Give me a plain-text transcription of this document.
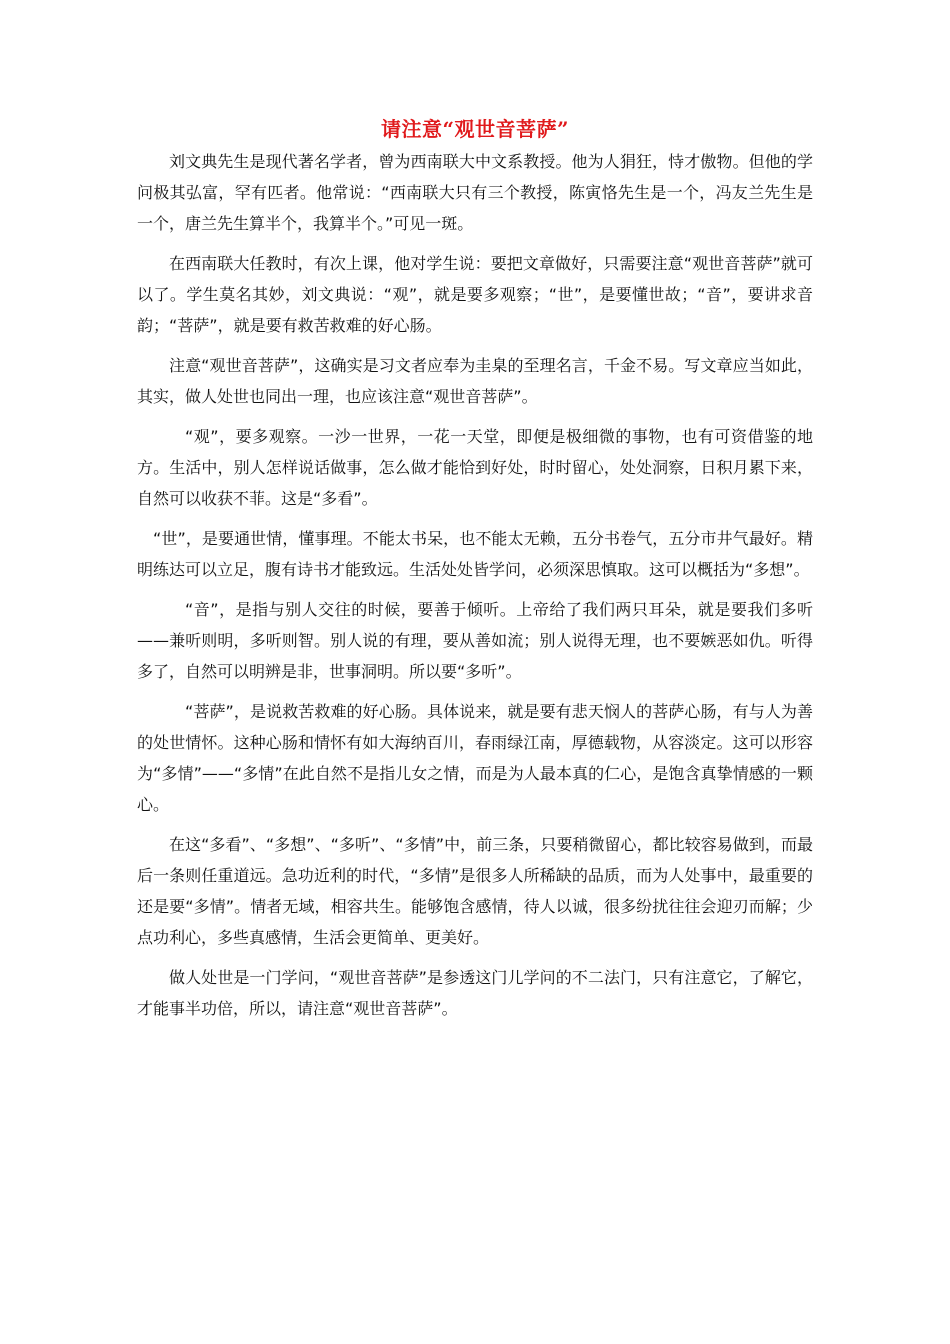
请注意“观世音菩萨”

刘文典先生是现代著名学者，曾为西南联大中文系教授。他为人狷狂，恃才傲物。但他的学问极其弘富，罕有匹者。他常说：“西南联大只有三个教授，陈寅恪先生是一个，冯友兰先生是一个，唐兰先生算半个，我算半个。”可见一斑。

在西南联大任教时，有次上课，他对学生说：要把文章做好，只需要注意“观世音菩萨”就可以了。学生莫名其妙，刘文典说：“观”，就是要多观察；“世”，是要懂世故；“音”，要讲求音韵；“菩萨”，就是要有救苦救难的好心肠。

注意“观世音菩萨”，这确实是习文者应奉为圭臬的至理名言，千金不易。写文章应当如此，其实，做人处世也同出一理，也应该注意“观世音菩萨”。

“观”，要多观察。一沙一世界，一花一天堂，即便是极细微的事物，也有可资借鉴的地方。生活中，别人怎样说话做事，怎么做才能恰到好处，时时留心，处处洞察，日积月累下来，自然可以收获不菲。这是“多看”。

“世”，是要通世情，懂事理。不能太书呆，也不能太无赖，五分书卷气，五分市井气最好。精明练达可以立足，腹有诗书才能致远。生活处处皆学问，必须深思慎取。这可以概括为“多想”。

“音”，是指与别人交往的时候，要善于倾听。上帝给了我们两只耳朵，就是要我们多听——兼听则明，多听则智。别人说的有理，要从善如流；别人说得无理，也不要嫉恶如仇。听得多了，自然可以明辨是非，世事洞明。所以要“多听”。

“菩萨”，是说救苦救难的好心肠。具体说来，就是要有悲天悯人的菩萨心肠，有与人为善的处世情怀。这种心肠和情怀有如大海纳百川，春雨绿江南，厚德载物，从容淡定。这可以形容为“多情”——“多情”在此自然不是指儿女之情，而是为人最本真的仁心，是饱含真挚情感的一颗心。

在这“多看”、“多想”、“多听”、“多情”中，前三条，只要稍微留心，都比较容易做到，而最后一条则任重道远。急功近利的时代，“多情”是很多人所稀缺的品质，而为人处事中，最重要的还是要“多情”。情者无域，相容共生。能够饱含感情，待人以诚，很多纷扰往往会迎刃而解；少点功利心，多些真感情，生活会更简单、更美好。

做人处世是一门学问，“观世音菩萨”是参透这门儿学问的不二法门，只有注意它，了解它，才能事半功倍，所以，请注意“观世音菩萨”。
